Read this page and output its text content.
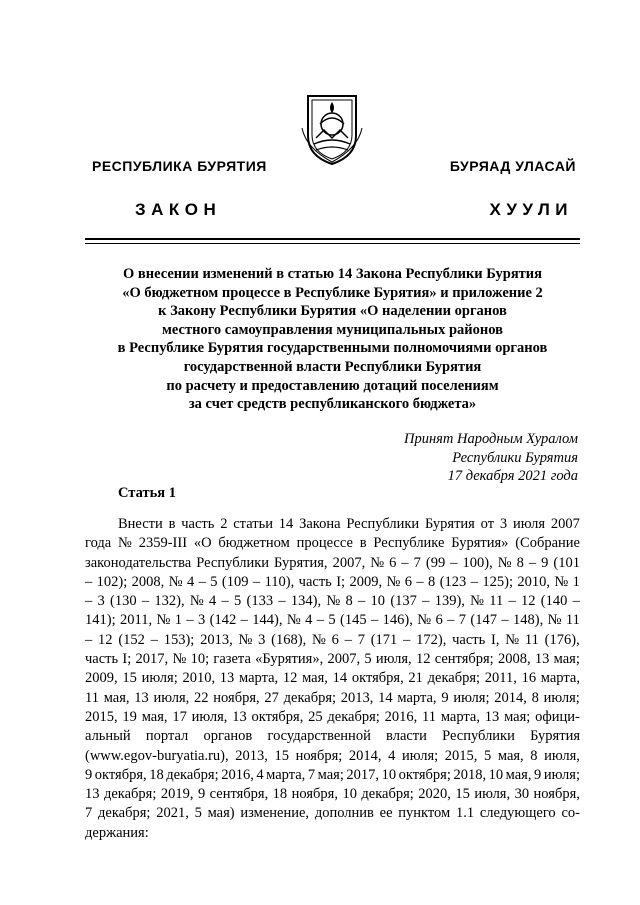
РЕСПУБЛИКА БУРЯТИЯ	БУРЯАД УЛАСАЙ
ЗАКОН	ХУУЛИ
О внесении изменений в статью 14 Закона Республики Бурятия
«О бюджетном процессе в Республике Бурятия» и приложение 2
к Закону Республики Бурятия «О наделении органов
местного самоуправления муниципальных районов
в Республике Бурятия государственными полномочиями органов
государственной власти Республики Бурятия
по расчету и предоставлению дотаций поселениям
за счет средств республиканского бюджета»
Принят Народным Хуралом
Республики Бурятия
17 декабря 2021 года
Статья 1
Внести в часть 2 статьи 14 Закона Республики Бурятия от 3 июля 2007
года № 2359-III «О бюджетном процессе в Республике Бурятия» (Собрание
законодательства Республики Бурятия, 2007, № 6 – 7 (99 – 100), № 8 – 9 (101
– 102); 2008, № 4 – 5 (109 – 110), часть I; 2009, № 6 – 8 (123 – 125); 2010, № 1
– 3 (130 – 132), № 4 – 5 (133 – 134), № 8 – 10 (137 – 139), № 11 – 12 (140 –
141); 2011, № 1 – 3 (142 – 144), № 4 – 5 (145 – 146), № 6 – 7 (147 – 148), № 11
– 12 (152 – 153); 2013, № 3 (168), № 6 – 7 (171 – 172), часть I, № 11 (176),
часть I; 2017, № 10; газета «Бурятия», 2007, 5 июля, 12 сентября; 2008, 13 мая;
2009, 15 июля; 2010, 13 марта, 12 мая, 14 октября, 21 декабря; 2011, 16 марта,
11 мая, 13 июля, 22 ноября, 27 декабря; 2013, 14 марта, 9 июля; 2014, 8 июля;
2015, 19 мая, 17 июля, 13 октября, 25 декабря; 2016, 11 марта, 13 мая; офици-
альный портал органов государственной власти Республики Бурятия
(www.egov-buryatia.ru), 2013, 15 ноября; 2014, 4 июля; 2015, 5 мая, 8 июля,
9 октября, 18 декабря; 2016, 4 марта, 7 мая; 2017, 10 октября; 2018, 10 мая, 9 июля;
13 декабря; 2019, 9 сентября, 18 ноября, 10 декабря; 2020, 15 июля, 30 ноября,
7 декабря; 2021, 5 мая) изменение, дополнив ее пунктом 1.1 следующего со-
держания:
